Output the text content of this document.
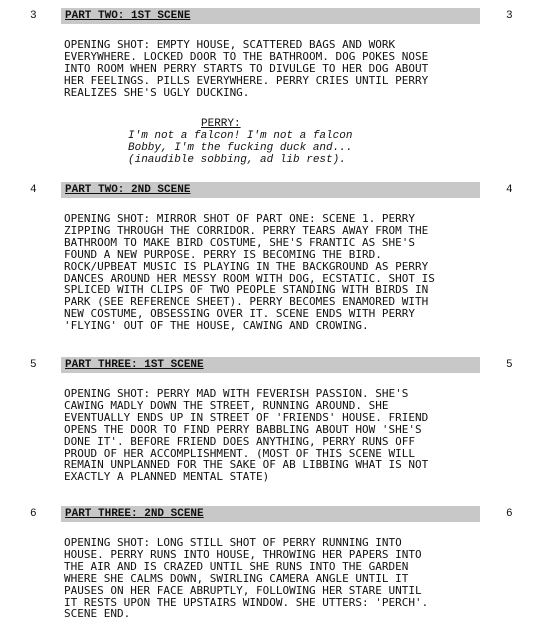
3	PART TWO: 1ST SCENE	3
OPENING SHOT: EMPTY HOUSE, SCATTERED BAGS AND WORK
EVERYWHERE. LOCKED DOOR TO THE BATHROOM. DOG POKES NOSE
INTO ROOM WHEN PERRY STARTS TO DIVULGE TO HER DOG ABOUT
HER FEELINGS. PILLS EVERYWHERE. PERRY CRIES UNTIL PERRY
REALIZES SHE'S UGLY DUCKING.
PERRY:
I'm not a falcon! I'm not a falcon
Bobby, I'm the fucking duck and...
(inaudible sobbing, ad lib rest).
4	PART TWO: 2ND SCENE	4
OPENING SHOT: MIRROR SHOT OF PART ONE: SCENE 1. PERRY
ZIPPING THROUGH THE CORRIDOR. PERRY TEARS AWAY FROM THE
BATHROOM TO MAKE BIRD COSTUME, SHE'S FRANTIC AS SHE'S
FOUND A NEW PURPOSE. PERRY IS BECOMING THE BIRD.
ROCK/UPBEAT MUSIC IS PLAYING IN THE BACKGROUND AS PERRY
DANCES AROUND HER MESSY ROOM WITH DOG, ECSTATIC. SHOT IS
SPLICED WITH CLIPS OF TWO PEOPLE STANDING WITH BIRDS IN
PARK (SEE REFERENCE SHEET). PERRY BECOMES ENAMORED WITH
NEW COSTUME, OBSESSING OVER IT. SCENE ENDS WITH PERRY
'FLYING' OUT OF THE HOUSE, CAWING AND CROWING.
5	PART THREE: 1ST SCENE	5
OPENING SHOT: PERRY MAD WITH FEVERISH PASSION. SHE'S
CAWING MADLY DOWN THE STREET, RUNNING AROUND. SHE
EVENTUALLY ENDS UP IN STREET OF 'FRIENDS' HOUSE. FRIEND
OPENS THE DOOR TO FIND PERRY BABBLING ABOUT HOW 'SHE'S
DONE IT'. BEFORE FRIEND DOES ANYTHING, PERRY RUNS OFF
PROUD OF HER ACCOMPLISHMENT. (MOST OF THIS SCENE WILL
REMAIN UNPLANNED FOR THE SAKE OF AB LIBBING WHAT IS NOT
EXACTLY A PLANNED MENTAL STATE)
6	PART THREE: 2ND SCENE	6
OPENING SHOT: LONG STILL SHOT OF PERRY RUNNING INTO
HOUSE. PERRY RUNS INTO HOUSE, THROWING HER PAPERS INTO
THE AIR AND IS CRAZED UNTIL SHE RUNS INTO THE GARDEN
WHERE SHE CALMS DOWN, SWIRLING CAMERA ANGLE UNTIL IT
PAUSES ON HER FACE ABRUPTLY, FOLLOWING HER STARE UNTIL
IT RESTS UPON THE UPSTAIRS WINDOW. SHE UTTERS: 'PERCH'.
SCENE END.
